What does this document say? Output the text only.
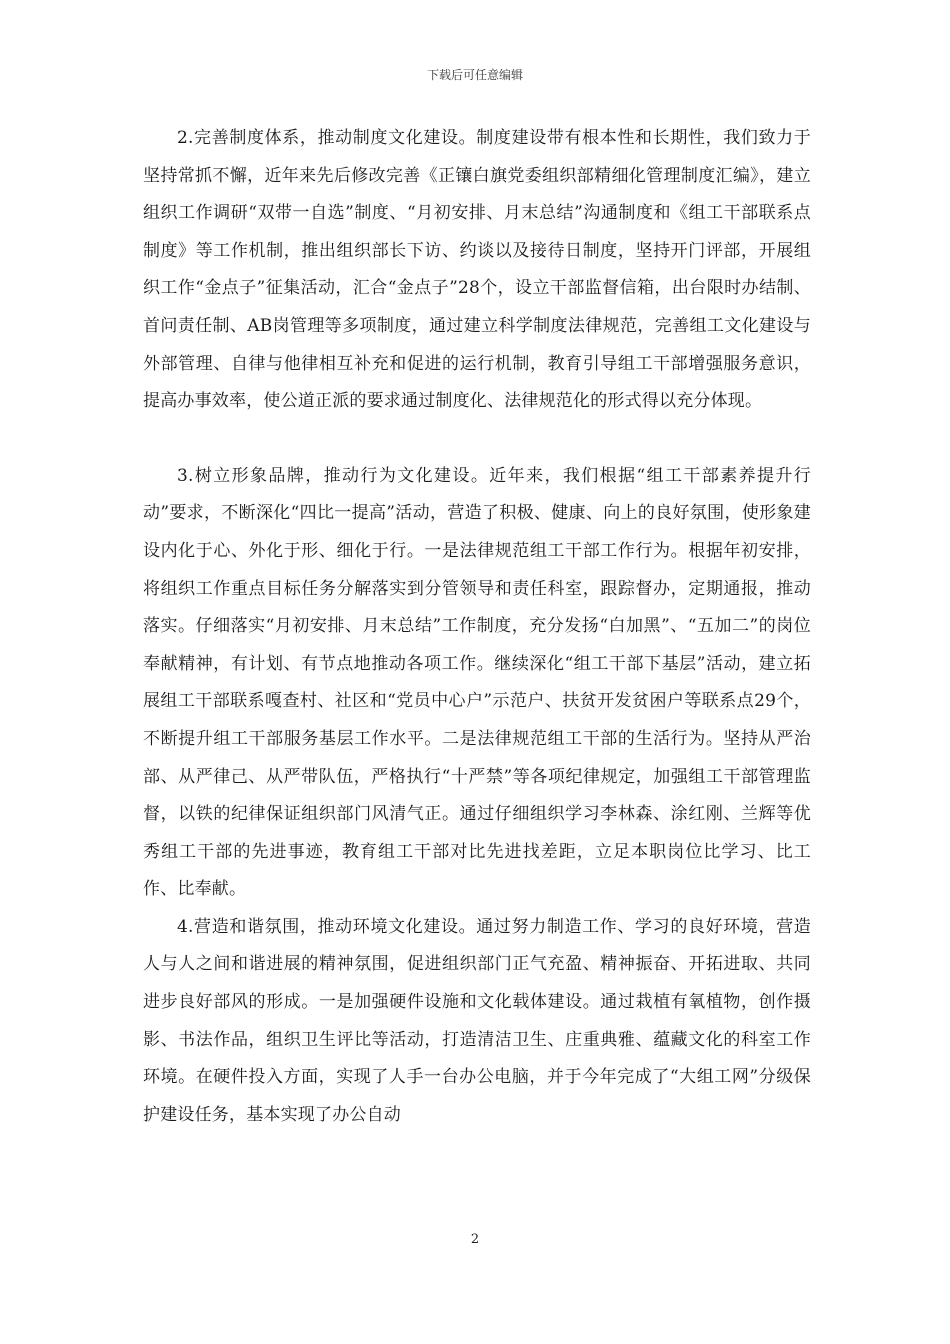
下载后可任意编辑

2.完善制度体系，推动制度文化建设。制度建设带有根本性和长期性，我们致力于坚持常抓不懈，近年来先后修改完善《正镶白旗党委组织部精细化管理制度汇编》，建立组织工作调研“双带一自选”制度、“月初安排、月末总结”沟通制度和《组工干部联系点制度》等工作机制，推出组织部长下访、约谈以及接待日制度，坚持开门评部，开展组织工作“金点子”征集活动，汇合“金点子”28个，设立干部监督信箱，出台限时办结制、首问责任制、AB岗管理等多项制度，通过建立科学制度法律规范，完善组工文化建设与外部管理、自律与他律相互补充和促进的运行机制，教育引导组工干部增强服务意识，提高办事效率，使公道正派的要求通过制度化、法律规范化的形式得以充分体现。

3.树立形象品牌，推动行为文化建设。近年来，我们根据“组工干部素养提升行动”要求，不断深化“四比一提高”活动，营造了积极、健康、向上的良好氛围，使形象建设内化于心、外化于形、细化于行。一是法律规范组工干部工作行为。根据年初安排，将组织工作重点目标任务分解落实到分管领导和责任科室，跟踪督办，定期通报，推动落实。仔细落实“月初安排、月末总结”工作制度，充分发扬“白加黑”、“五加二”的岗位奉献精神，有计划、有节点地推动各项工作。继续深化“组工干部下基层”活动，建立拓展组工干部联系嘎查村、社区和“党员中心户”示范户、扶贫开发贫困户等联系点29个，不断提升组工干部服务基层工作水平。二是法律规范组工干部的生活行为。坚持从严治部、从严律己、从严带队伍，严格执行“十严禁”等各项纪律规定，加强组工干部管理监督，以铁的纪律保证组织部门风清气正。通过仔细组织学习李林森、涂红刚、兰辉等优秀组工干部的先进事迹，教育组工干部对比先进找差距，立足本职岗位比学习、比工作、比奉献。

4.营造和谐氛围，推动环境文化建设。通过努力制造工作、学习的良好环境，营造人与人之间和谐进展的精神氛围，促进组织部门正气充盈、精神振奋、开拓进取、共同进步良好部风的形成。一是加强硬件设施和文化载体建设。通过栽植有氧植物，创作摄影、书法作品，组织卫生评比等活动，打造清洁卫生、庄重典雅、蕴藏文化的科室工作环境。在硬件投入方面，实现了人手一台办公电脑，并于今年完成了“大组工网”分级保护建设任务，基本实现了办公自动

2
